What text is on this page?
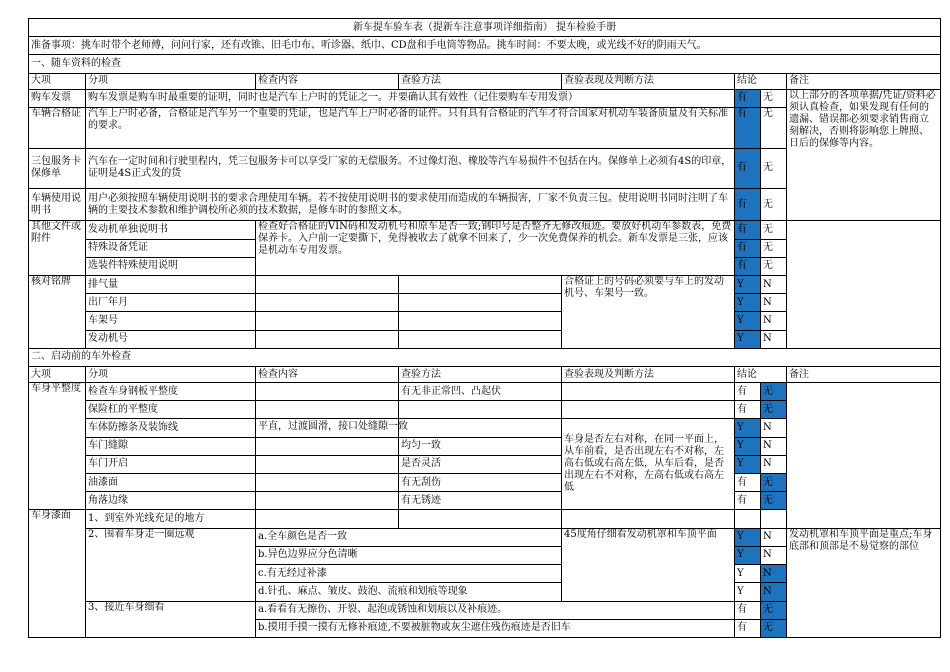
新车提车验车表（提新车注意事项详细指南） 提车检验手册							
准备事项：挑车时带个老师傅，问问行家，还有改锥、旧毛巾布、听诊器、纸巾、CD盘和手电筒等物品。挑车时间：不要太晚，或光线不好的阴雨天气。							
一、随车资料的检查							
大项	分项	检查内容	查验方法	查验表现及判断方法	结论		备注
购车发票	购车发票是购车时最重要的证明，同时也是汽车上户时的凭证之一。并要确认其有效性（记住要购车专用发票）				有	无	以上部分的各项单据/凭证/资料必须认真检查，如果发现有任何的遗漏、错误都必须要求销售商立刻解决，否则将影响您上牌照、日后的保修等内容。
车辆合格证	汽车上户时必备，合格证是汽车另一个重要的凭证，也是汽车上户时必备的证件。只有具有合格证的汽车才符合国家对机动车装备质量及有关标准的要求。				有	无	
三包服务卡保修单	汽车在一定时间和行驶里程内，凭三包服务卡可以享受厂家的无偿服务。不过像灯泡、橡胶等汽车易损件不包括在内。保修单上必须有4S的印章，证明是4S正式发的货				有	无	
车辆使用说明书	用户必须按照车辆使用说明书的要求合理使用车辆。若不按使用说明书的要求使用而造成的车辆损害，厂家不负责三包。使用说明书同时注明了车辆的主要技术参数和维护调校所必须的技术数据，是修车时的参照文本。				有	无	
其他文件或附件	发动机单独说明书	检查好合格证的VIN码和发动机号和原车是否一致;钢印号是否整齐无修改痕迹。要放好机动车参数表，免费保养卡。入户前一定要撕下，免得被收去了就拿不回来了，少一次免费保养的机会。新车发票是三张，应该是机动车专用发票。			有	无	
	特殊设备凭证				有	无	
	选装件特殊使用说明				有	无	
核对铭牌	排气量			合格证上的号码必须要与车上的发动机号、车架号一致。	Y	N	
	出厂年月				Y	N	
	车架号				Y	N	
	发动机号				Y	N	
二、启动前的车外检查							
大项	分项	检查内容	查验方法	查验表现及判断方法	结论		备注
车身平整度	检查车身钢板平整度		有无非正常凹、凸起伏		有	无	
	保险杠的平整度				有	无	
	车体防擦条及装饰线	平直，过渡圆滑，接口处缝隙一致		车身是否左右对称，在同一平面上，从车前看，是否出现左右不对称，左高右低或右高左低，从车后看，是否出现左右不对称，左高右低或右高左低	Y	N	
	车门缝隙		均匀一致		Y	N	
	车门开启		是否灵活		Y	N	
	油漆面		有无刮伤		有	无	
	角落边缘		有无锈迹		有	无	
车身漆面	1、到室外光线充足的地方						
	2、围着车身走一圈远观	a.全车颜色是否一致		45度角仔细看发动机罩和车顶平面	Y	N	发动机罩和车顶平面是重点;车身底部和顶部是不易觉察的部位
		b.异色边界应分色清晰			Y	N	
		c.有无经过补漆			Y	N	
		d.针孔、麻点、皱皮、鼓泡、流痕和划痕等现象			Y	N	
	3、接近车身细看	a.看看有无擦伤、开裂、起泡或锈蚀和划痕以及补痕迹。			有	无	
		b.摸用手摸一摸有无修补痕迹,不要被脏物或灰尘遮住残伤痕迹是否旧车			有	无	
